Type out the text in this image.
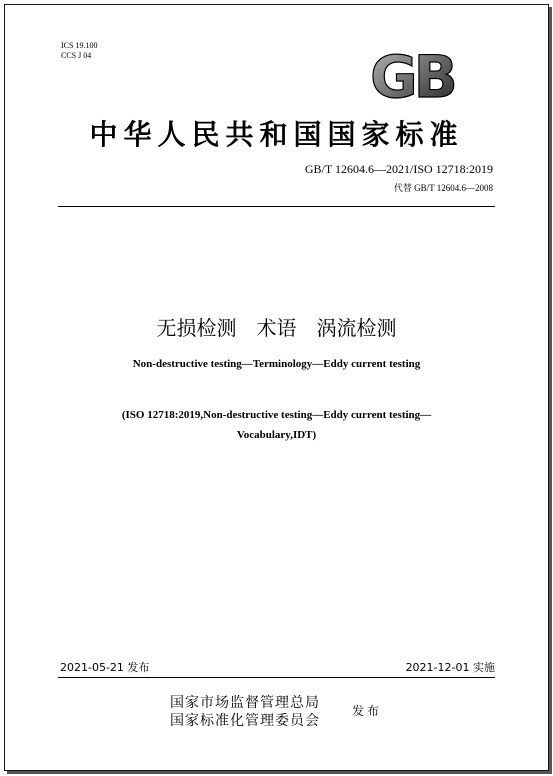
ICS 19.100
CCS J 04	GB
中华人民共和国国家标准
GB/T 12604.6—2021/ISO 12718:2019
代替 GB/T 12604.6—2008
无损检测　术语　涡流检测
Non-destructive testing—Terminology—Eddy current testing
(ISO 12718:2019,Non-destructive testing—Eddy current testing—
Vocabulary,IDT)
2021-05-21 发布	2021-12-01 实施
国家市场监督管理总局
国家标准化管理委员会
发布
